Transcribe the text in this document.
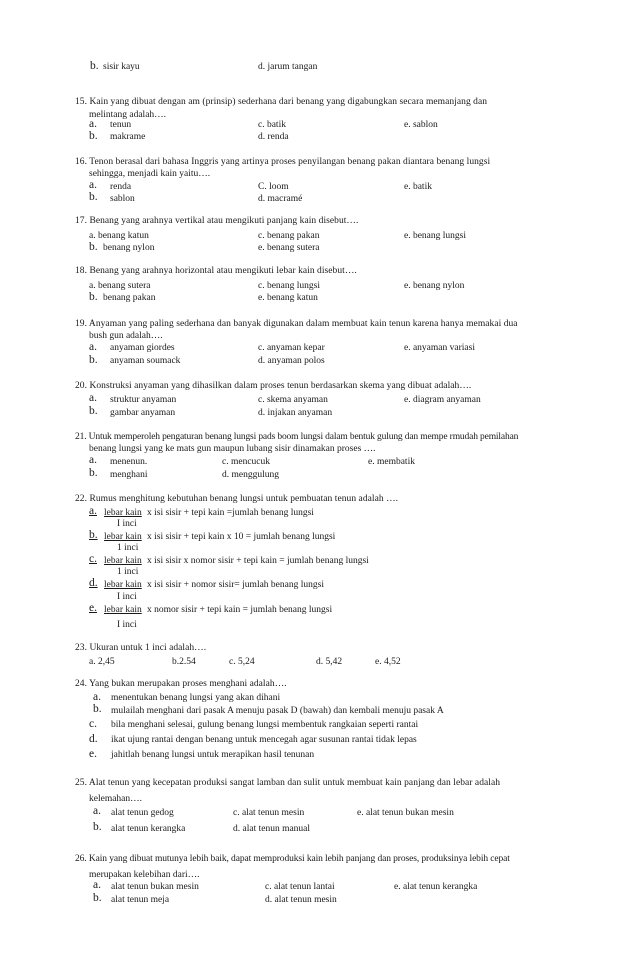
b. sisir kayu	d. jarum tangan
15. Kain yang dibuat dengan am (prinsip) sederhana dari benang yang digabungkan secara memanjang dan
melintang adalah….
a. tenun	c. batik	e. sablon
b. makrame	d. renda
16. Tenon berasal dari bahasa Inggris yang artinya proses penyilangan benang pakan diantara benang lungsi
sehingga, menjadi kain yaitu….
a. renda	C. loom	e. batik
b. sablon	d. macramé
17. Benang yang arahnya vertikal atau mengikuti panjang kain disebut….
a. benang katun	c. benang pakan	e. benang lungsi
b. benang nylon	e. benang sutera
18. Benang yang arahnya horizontal atau mengikuti lebar kain disebut….
a. benang sutera	c. benang lungsi	e. benang nylon
b. benang pakan	e. benang katun
19. Anyaman yang paling sederhana dan banyak digunakan dalam membuat kain tenun karena hanya memakai dua
bush gun adalah….
a. anyaman giordes	c. anyaman kepar	e. anyaman variasi
b. anyaman soumack	d. anyaman polos
20. Konstruksi anyaman yang dihasilkan dalam proses tenun berdasarkan skema yang dibuat adalah….
a. struktur anyaman	c. skema anyaman	e. diagram anyaman
b. gambar anyaman	d. injakan anyaman
21. Untuk memperoleh pengaturan benang lungsi pads boom lungsi dalam bentuk gulung dan mempe rmudah pemilahan
benang lungsi yang ke mats gun maupun lubang sisir dinamakan proses ….
a. menenun.	c. mencucuk	e. membatik
b. menghani	d. menggulung
22. Rumus menghitung kebutuhan benang lungsi untuk pembuatan tenun adalah ….
a. lebar kain x isi sisir + tepi kain =jumlah benang lungsi
I inci
b. lebar kain x isi sisir + tepi kain x 10 = jumlah benang lungsi
1 inci
c. lebar kain x isi sisir x nomor sisir + tepi kain = jumlah benang lungsi
1 inci
d. lebar kain x isi sisir + nomor sisir= jumlah benang lungsi
I inci
e. lebar kain x nomor sisir + tepi kain = jumlah benang lungsi
I inci
23. Ukuran untuk 1 inci adalah….
a. 2,45	b.2.54	c. 5,24	d. 5,42	e. 4,52
24. Yang bukan merupakan proses menghani adalah….
a. menentukan benang lungsi yang akan dihani
b. mulailah menghani dari pasak A menuju pasak D (bawah) dan kembali menuju pasak A
c. bila menghani selesai, gulung benang lungsi membentuk rangkaian seperti rantai
d. ikat ujung rantai dengan benang untuk mencegah agar susunan rantai tidak lepas
e. jahitlah benang lungsi untuk merapikan hasil tenunan
25. Alat tenun yang kecepatan produksi sangat lamban dan sulit untuk membuat kain panjang dan lebar adalah
kelemahan….
a. alat tenun gedog	c. alat tenun mesin	e. alat tenun bukan mesin
b. alat tenun kerangka	d. alat tenun manual
26. Kain yang dibuat mutunya lebih baik, dapat memproduksi kain lebih panjang dan proses, produksinya lebih cepat
merupakan kelebihan dari….
a. alat tenun bukan mesin	c. alat tenun lantai	e. alat tenun kerangka
b. alat tenun meja	d. alat tenun mesin
